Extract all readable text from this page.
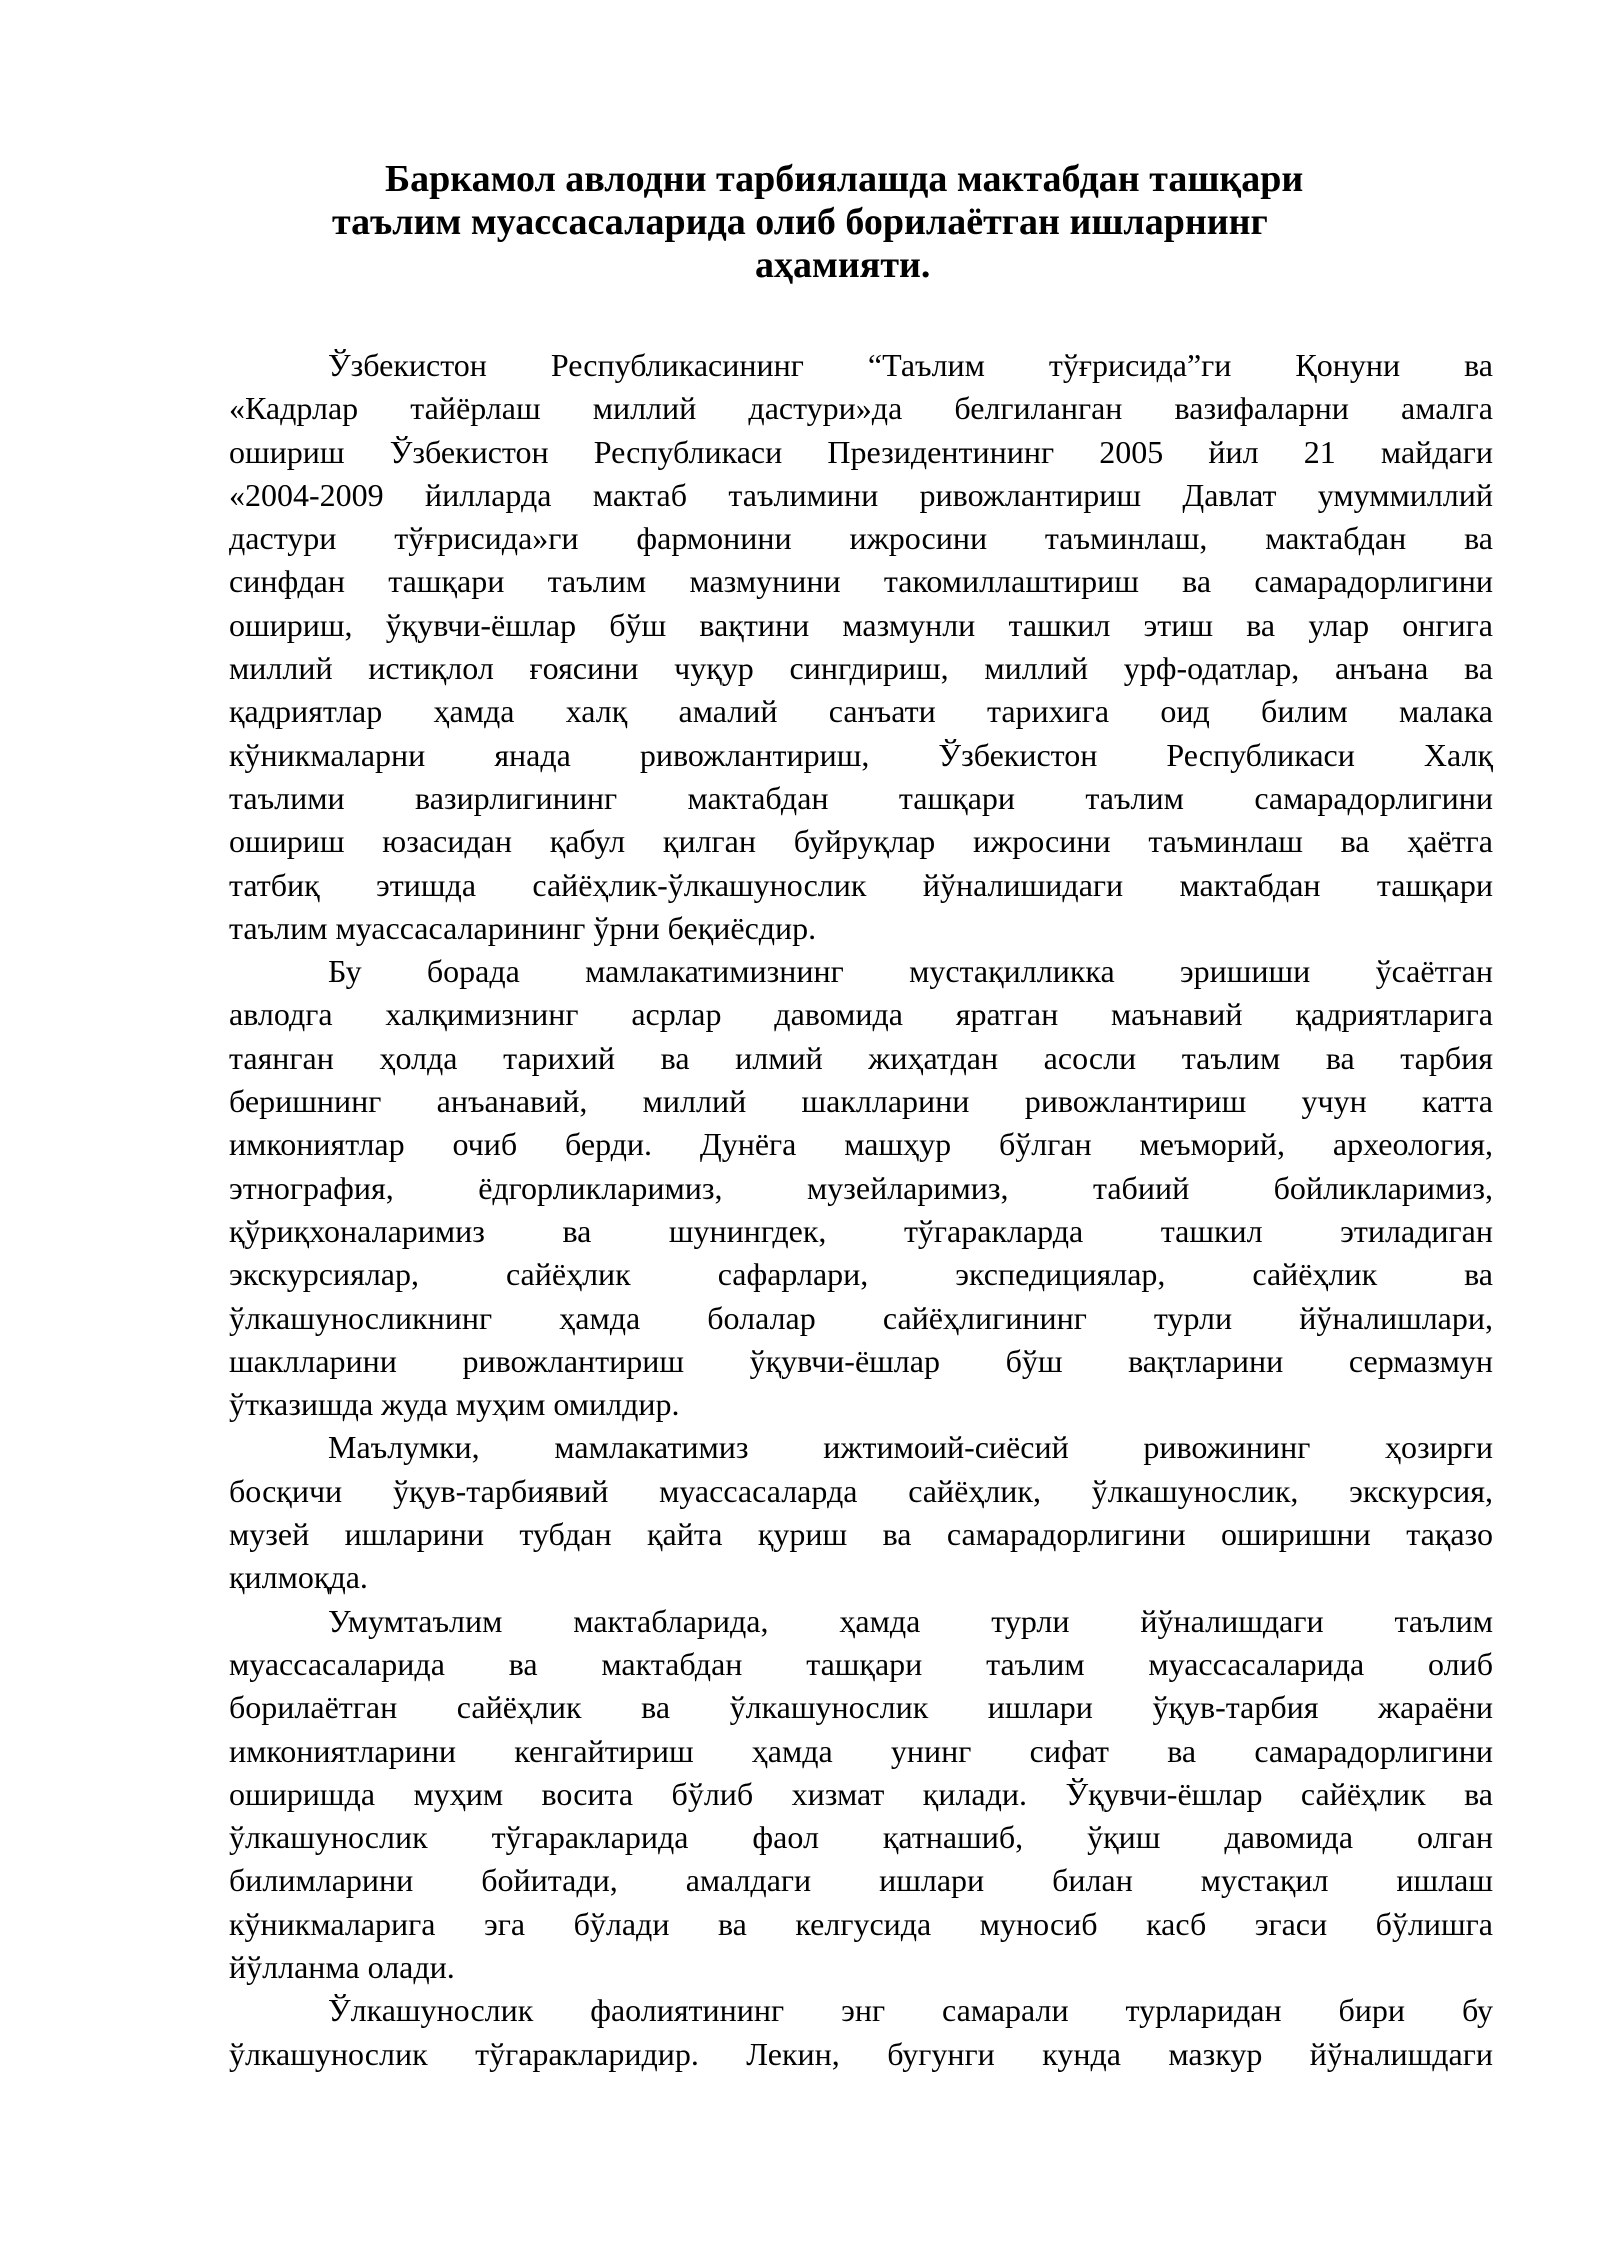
Баркамол авлодни тарбиялашда мактабдан ташқари
таълим муассасаларида олиб борилаётган ишларнинг
аҳамияти.

Ўзбекистон Республикасининг “Таълим тўғрисида”ги Қонуни ва
«Кадрлар тайёрлаш миллий дастури»да белгиланган вазифаларни амалга
ошириш Ўзбекистон Республикаси Президентининг 2005 йил 21 майдаги
«2004-2009 йилларда мактаб таълимини ривожлантириш Давлат умуммиллий
дастури тўғрисида»ги фармонини ижросини таъминлаш, мактабдан ва
синфдан ташқари таълим мазмунини такомиллаштириш ва самарадорлигини
ошириш, ўқувчи-ёшлар бўш вақтини мазмунли ташкил этиш ва улар онгига
миллий истиқлол ғоясини чуқур сингдириш, миллий урф-одатлар, анъана ва
қадриятлар ҳамда халқ амалий санъати тарихига оид билим малака
кўникмаларни янада ривожлантириш, Ўзбекистон Республикаси Халқ
таълими вазирлигининг мактабдан ташқари таълим самарадорлигини
ошириш юзасидан қабул қилган буйруқлар ижросини таъминлаш ва ҳаётга
татбиқ этишда сайёҳлик-ўлкашунослик йўналишидаги мактабдан ташқари
таълим муассасаларининг ўрни беқиёсдир.

Бу борада мамлакатимизнинг мустақилликка эришиши ўсаётган
авлодга халқимизнинг асрлар давомида яратган маънавий қадриятларига
таянган ҳолда тарихий ва илмий жиҳатдан асосли таълим ва тарбия
беришнинг анъанавий, миллий шаклларини ривожлантириш учун катта
имкониятлар очиб берди. Дунёга машҳур бўлган меъморий, археология,
этнография, ёдгорликларимиз, музейларимиз, табиий бойликларимиз,
қўриқхоналаримиз ва шунингдек, тўгаракларда ташкил этиладиган
экскурсиялар, сайёҳлик сафарлари, экспедициялар, сайёҳлик ва
ўлкашуносликнинг ҳамда болалар сайёҳлигининг турли йўналишлари,
шаклларини ривожлантириш ўқувчи-ёшлар бўш вақтларини сермазмун
ўтказишда жуда муҳим омилдир.

Маълумки, мамлакатимиз ижтимоий-сиёсий ривожининг ҳозирги
босқичи ўқув-тарбиявий муассасаларда сайёҳлик, ўлкашунослик, экскурсия,
музей ишларини тубдан қайта қуриш ва самарадорлигини оширишни тақазо
қилмоқда.

Умумтаълим мактабларида, ҳамда турли йўналишдаги таълим
муассасаларида ва мактабдан ташқари таълим муассасаларида олиб
борилаётган сайёҳлик ва ўлкашунослик ишлари ўқув-тарбия жараёни
имкониятларини кенгайтириш ҳамда унинг сифат ва самарадорлигини
оширишда муҳим восита бўлиб хизмат қилади. Ўқувчи-ёшлар сайёҳлик ва
ўлкашунослик тўгаракларида фаол қатнашиб, ўқиш давомида олган
билимларини бойитади, амалдаги ишлари билан мустақил ишлаш
кўникмаларига эга бўлади ва келгусида муносиб касб эгаси бўлишга
йўлланма олади.

Ўлкашунослик фаолиятининг энг самарали турларидан бири бу
ўлкашунослик тўгаракларидир. Лекин, бугунги кунда мазкур йўналишдаги
